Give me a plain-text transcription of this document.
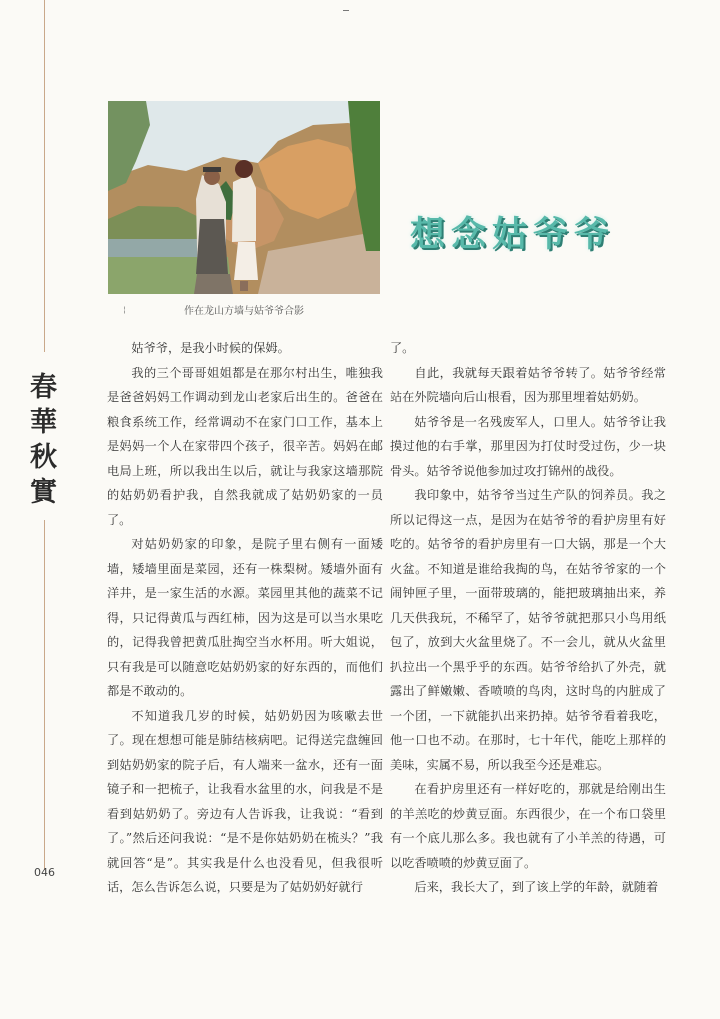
春華秋實
046
¦	作在龙山方墙与姑爷爷合影
想念姑爷爷

姑爷爷，是我小时候的保姆。

我的三个哥哥姐姐都是在那尔村出生，唯独我是爸爸妈妈工作调动到龙山老家后出生的。爸爸在粮食系统工作，经常调动不在家门口工作，基本上是妈妈一个人在家带四个孩子，很辛苦。妈妈在邮电局上班，所以我出生以后，就让与我家这墙那院的姑奶奶看护我，自然我就成了姑奶奶家的一员了。

对姑奶奶家的印象，是院子里右侧有一面矮墙，矮墙里面是菜园，还有一株梨树。矮墙外面有洋井，是一家生活的水源。菜园里其他的蔬菜不记得，只记得黄瓜与西红柿，因为这是可以当水果吃的，记得我曾把黄瓜肚掏空当水杯用。听大姐说，只有我是可以随意吃姑奶奶家的好东西的，而他们都是不敢动的。

不知道我几岁的时候，姑奶奶因为咳嗽去世了。现在想想可能是肺结核病吧。记得送完盘缠回到姑奶奶家的院子后，有人端来一盆水，还有一面镜子和一把梳子，让我看水盆里的水，问我是不是看到姑奶奶了。旁边有人告诉我，让我说：“看到了。”然后还问我说：“是不是你姑奶奶在梳头？”我就回答“是”。其实我是什么也没看见，但我很听话，怎么告诉怎么说，只要是为了姑奶奶好就行

了。

自此，我就每天跟着姑爷爷转了。姑爷爷经常站在外院墙向后山根看，因为那里埋着姑奶奶。

姑爷爷是一名残废军人，口里人。姑爷爷让我摸过他的右手掌，那里因为打仗时受过伤，少一块骨头。姑爷爷说他参加过攻打锦州的战役。

我印象中，姑爷爷当过生产队的饲养员。我之所以记得这一点，是因为在姑爷爷的看护房里有好吃的。姑爷爷的看护房里有一口大锅，那是一个大火盆。不知道是谁给我掏的鸟，在姑爷爷家的一个闹钟匣子里，一面带玻璃的，能把玻璃抽出来，养几天供我玩，不稀罕了，姑爷爷就把那只小鸟用纸包了，放到大火盆里烧了。不一会儿，就从火盆里扒拉出一个黑乎乎的东西。姑爷爷给扒了外壳，就露出了鲜嫩嫩、香喷喷的鸟肉，这时鸟的内脏成了一个团，一下就能扒出来扔掉。姑爷爷看着我吃，他一口也不动。在那时，七十年代，能吃上那样的美味，实属不易，所以我至今还是难忘。

在看护房里还有一样好吃的，那就是给刚出生的羊羔吃的炒黄豆面。东西很少，在一个布口袋里有一个底儿那么多。我也就有了小羊羔的待遇，可以吃香喷喷的炒黄豆面了。

后来，我长大了，到了该上学的年龄，就随着
